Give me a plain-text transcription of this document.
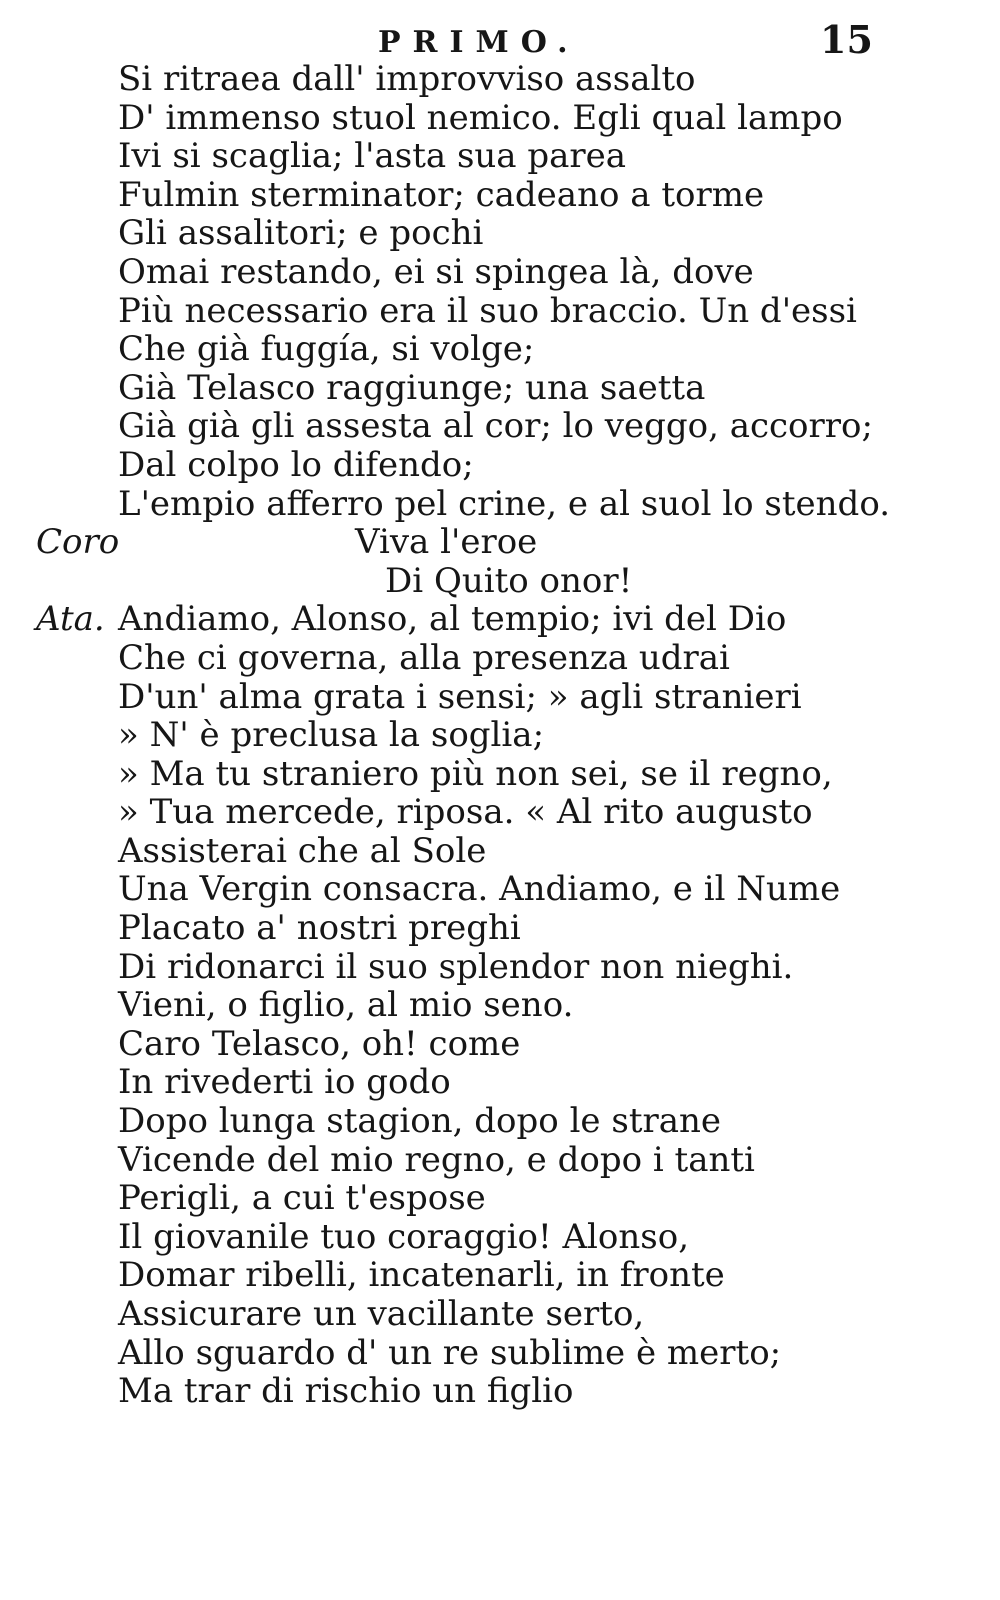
PRIMO.	15
Si ritraea dall' improvviso assalto
D' immenso stuol nemico. Egli qual lampo
Ivi si scaglia; l'asta sua parea
Fulmin sterminator; cadeano a torme
Gli assalitori; e pochi
Omai restando, ei si spingea là, dove
Più necessario era il suo braccio. Un d'essi
Che già fuggía, si volge;
Già Telasco raggiunge; una saetta
Già già gli assesta al cor; lo veggo, accorro;
Dal colpo lo difendo;
L'empio afferro pel crine, e al suol lo stendo.
Coro	Viva l'eroe
Di Quito onor!
Ata. Andiamo, Alonso, al tempio; ivi del Dio
Che ci governa, alla presenza udrai
D'un' alma grata i sensi; » agli stranieri
» N' è preclusa la soglia;
» Ma tu straniero più non sei, se il regno,
» Tua mercede, riposa. « Al rito augusto
Assisterai che al Sole
Una Vergin consacra. Andiamo, e il Nume
Placato a' nostri preghi
Di ridonarci il suo splendor non nieghi.
Vieni, o figlio, al mio seno.
Caro Telasco, oh! come
In rivederti io godo
Dopo lunga stagion, dopo le strane
Vicende del mio regno, e dopo i tanti
Perigli, a cui t'espose
Il giovanile tuo coraggio! Alonso,
Domar ribelli, incatenarli, in fronte
Assicurare un vacillante serto,
Allo sguardo d' un re sublime è merto;
Ma trar di rischio un figlio
